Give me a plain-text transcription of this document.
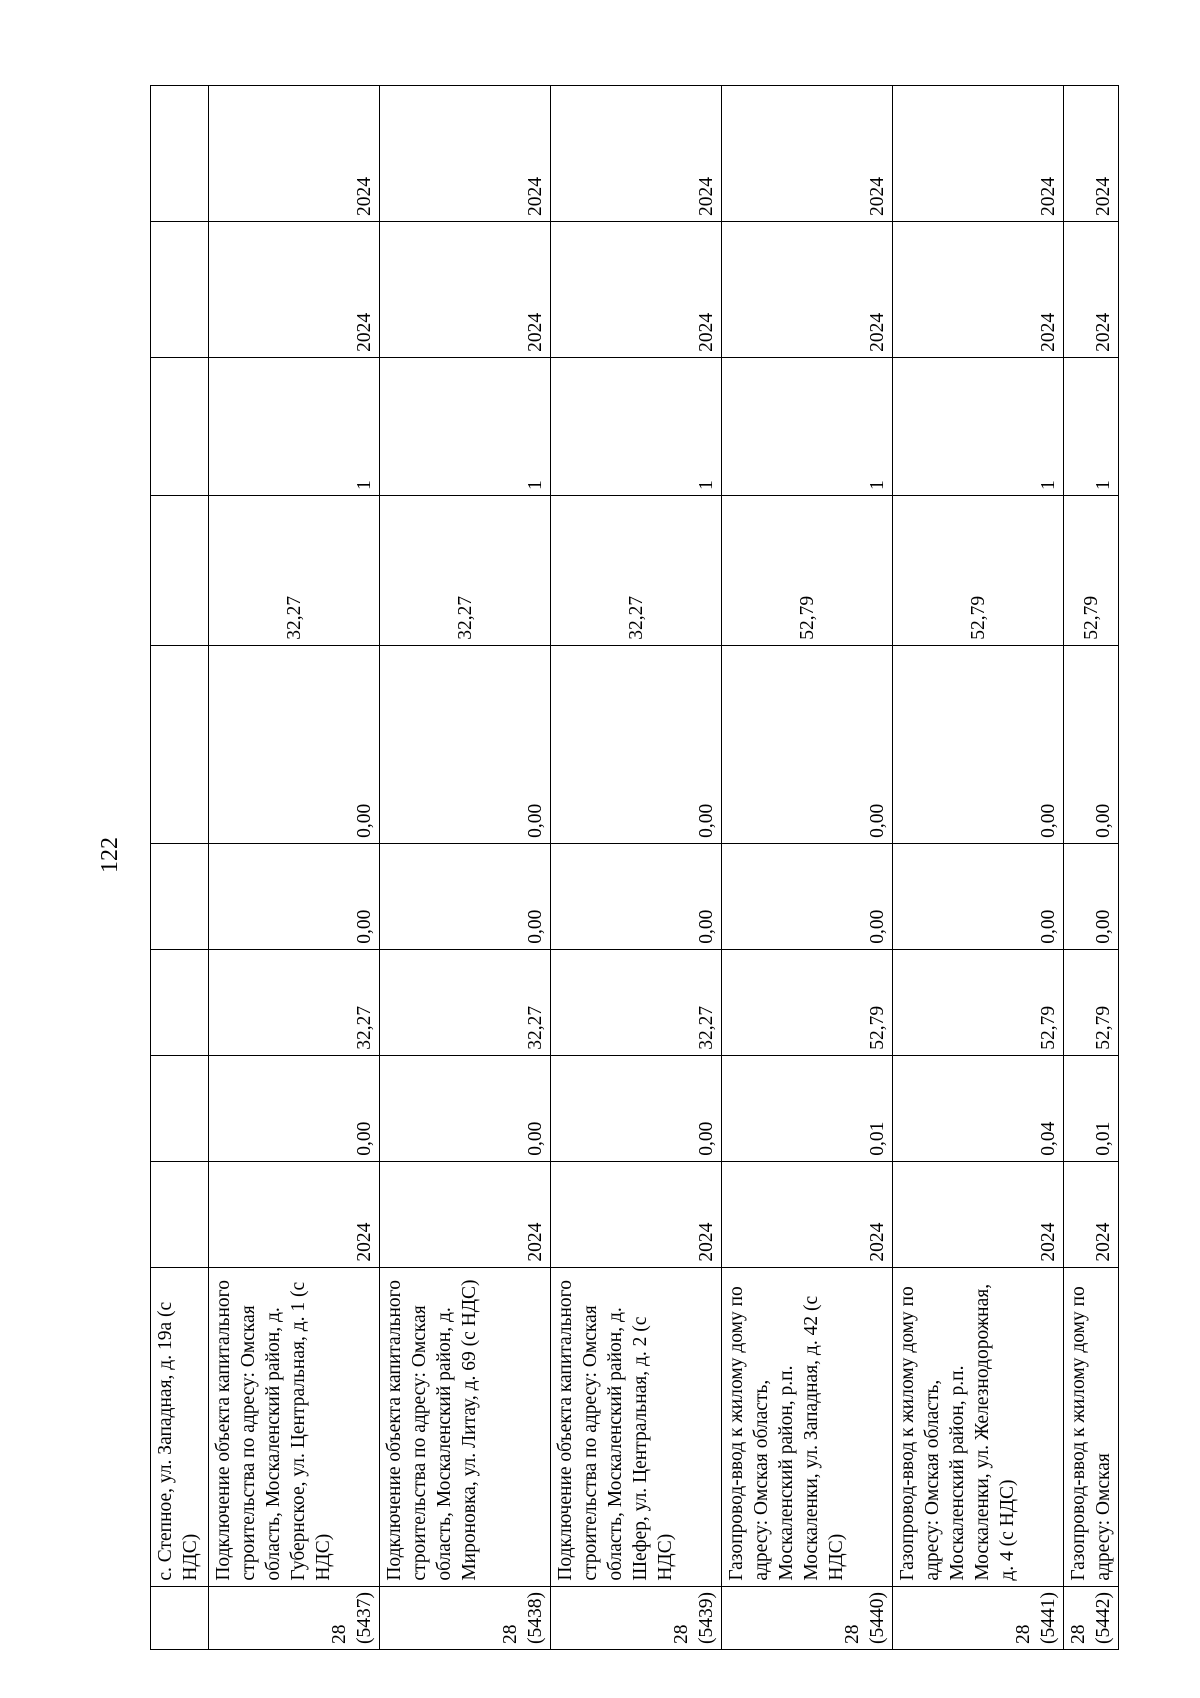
122
	с. Степное, ул. Западная, д. 19а (с НДС)									
28 (5437)	Подключение объекта капитального строительства по адресу: Омская область, Москаленский район, д. Губернское, ул. Центральная, д. 1 (с НДС)	2024	0,00	32,27	0,00	0,00	32,27	1	2024	2024
28 (5438)	Подключение объекта капитального строительства по адресу: Омская область, Москаленский район, д. Мироновка, ул. Литау, д. 69 (с НДС)	2024	0,00	32,27	0,00	0,00	32,27	1	2024	2024
28 (5439)	Подключение объекта капитального строительства по адресу: Омская область, Москаленский район, д. Шефер, ул. Центральная, д. 2 (с НДС)	2024	0,00	32,27	0,00	0,00	32,27	1	2024	2024
28 (5440)	Газопровод-ввод к жилому дому по адресу: Омская область, Москаленский район, р.п. Москаленки, ул. Западная, д. 42 (с НДС)	2024	0,01	52,79	0,00	0,00	52,79	1	2024	2024
28 (5441)	Газопровод-ввод к жилому дому по адресу: Омская область, Москаленский район, р.п. Москаленки, ул. Железнодорожная, д. 4 (с НДС)	2024	0,04	52,79	0,00	0,00	52,79	1	2024	2024
28 (5442)	Газопровод-ввод к жилому дому по адресу: Омская	2024	0,01	52,79	0,00	0,00	52,79	1	2024	2024
